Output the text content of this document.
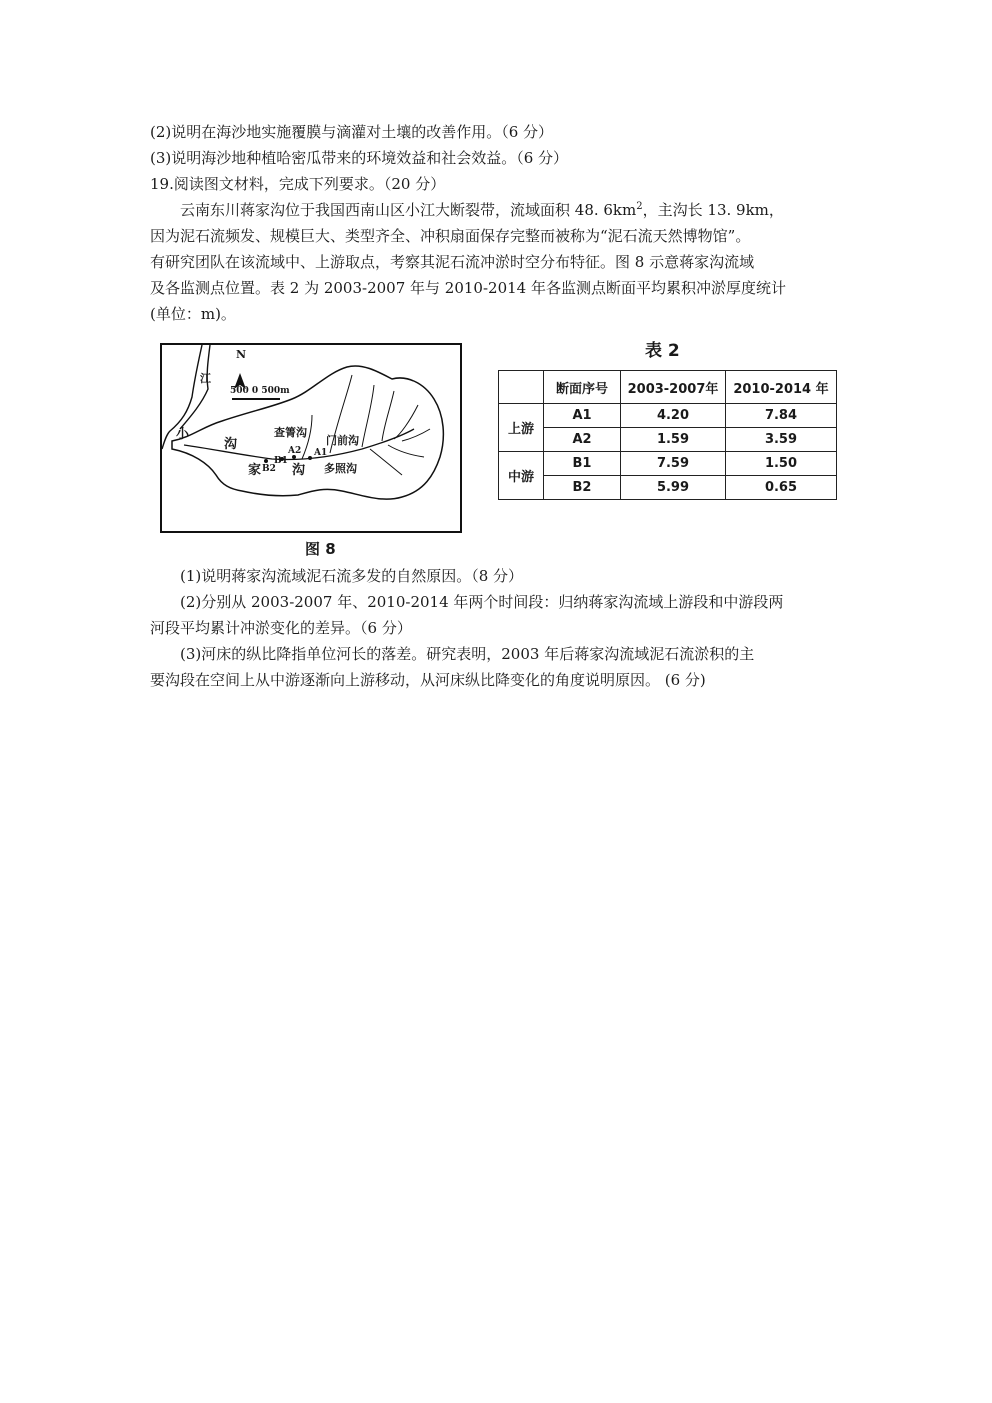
(2)说明在海沙地实施覆膜与滴灌对土壤的改善作用。（6 分）
(3)说明海沙地种植哈密瓜带来的环境效益和社会效益。（6 分）
19.阅读图文材料，完成下列要求。（20 分）
云南东川蒋家沟位于我国西南山区小江大断裂带，流域面积 48. $6km^2$，主沟长 13. 9km，
因为泥石流频发、规模巨大、类型齐全、冲积扇面保存完整而被称为“泥石流天然博物馆”。
有研究团队在该流域中、上游取点，考察其泥石流冲淤时空分布特征。图 8 示意蒋家沟流域
及各监测点位置。表 2 为 2003-2007 年与 2010-2014 年各监测点断面平均累积冲淤厚度统计
(单位：m)。
N
500 0 500m
江
小
沟
家 沟
查箐沟
门前沟
多照沟
A1
A2
B1
B2
图 8
表 2
	断面序号	2003-2007年	2010-2014 年
上游	A1	4.20	7.84
	A2	1.59	3.59
中游	B1	7.59	1.50
	B2	5.99	0.65
(1)说明蒋家沟流域泥石流多发的自然原因。（8 分）
(2)分别从 2003-2007 年、2010-2014 年两个时间段：归纳蒋家沟流域上游段和中游段两
河段平均累计冲淤变化的差异。（6 分）
(3)河床的纵比降指单位河长的落差。研究表明，2003 年后蒋家沟流域泥石流淤积的主
要沟段在空间上从中游逐渐向上游移动，从河床纵比降变化的角度说明原因。 (6 分)
